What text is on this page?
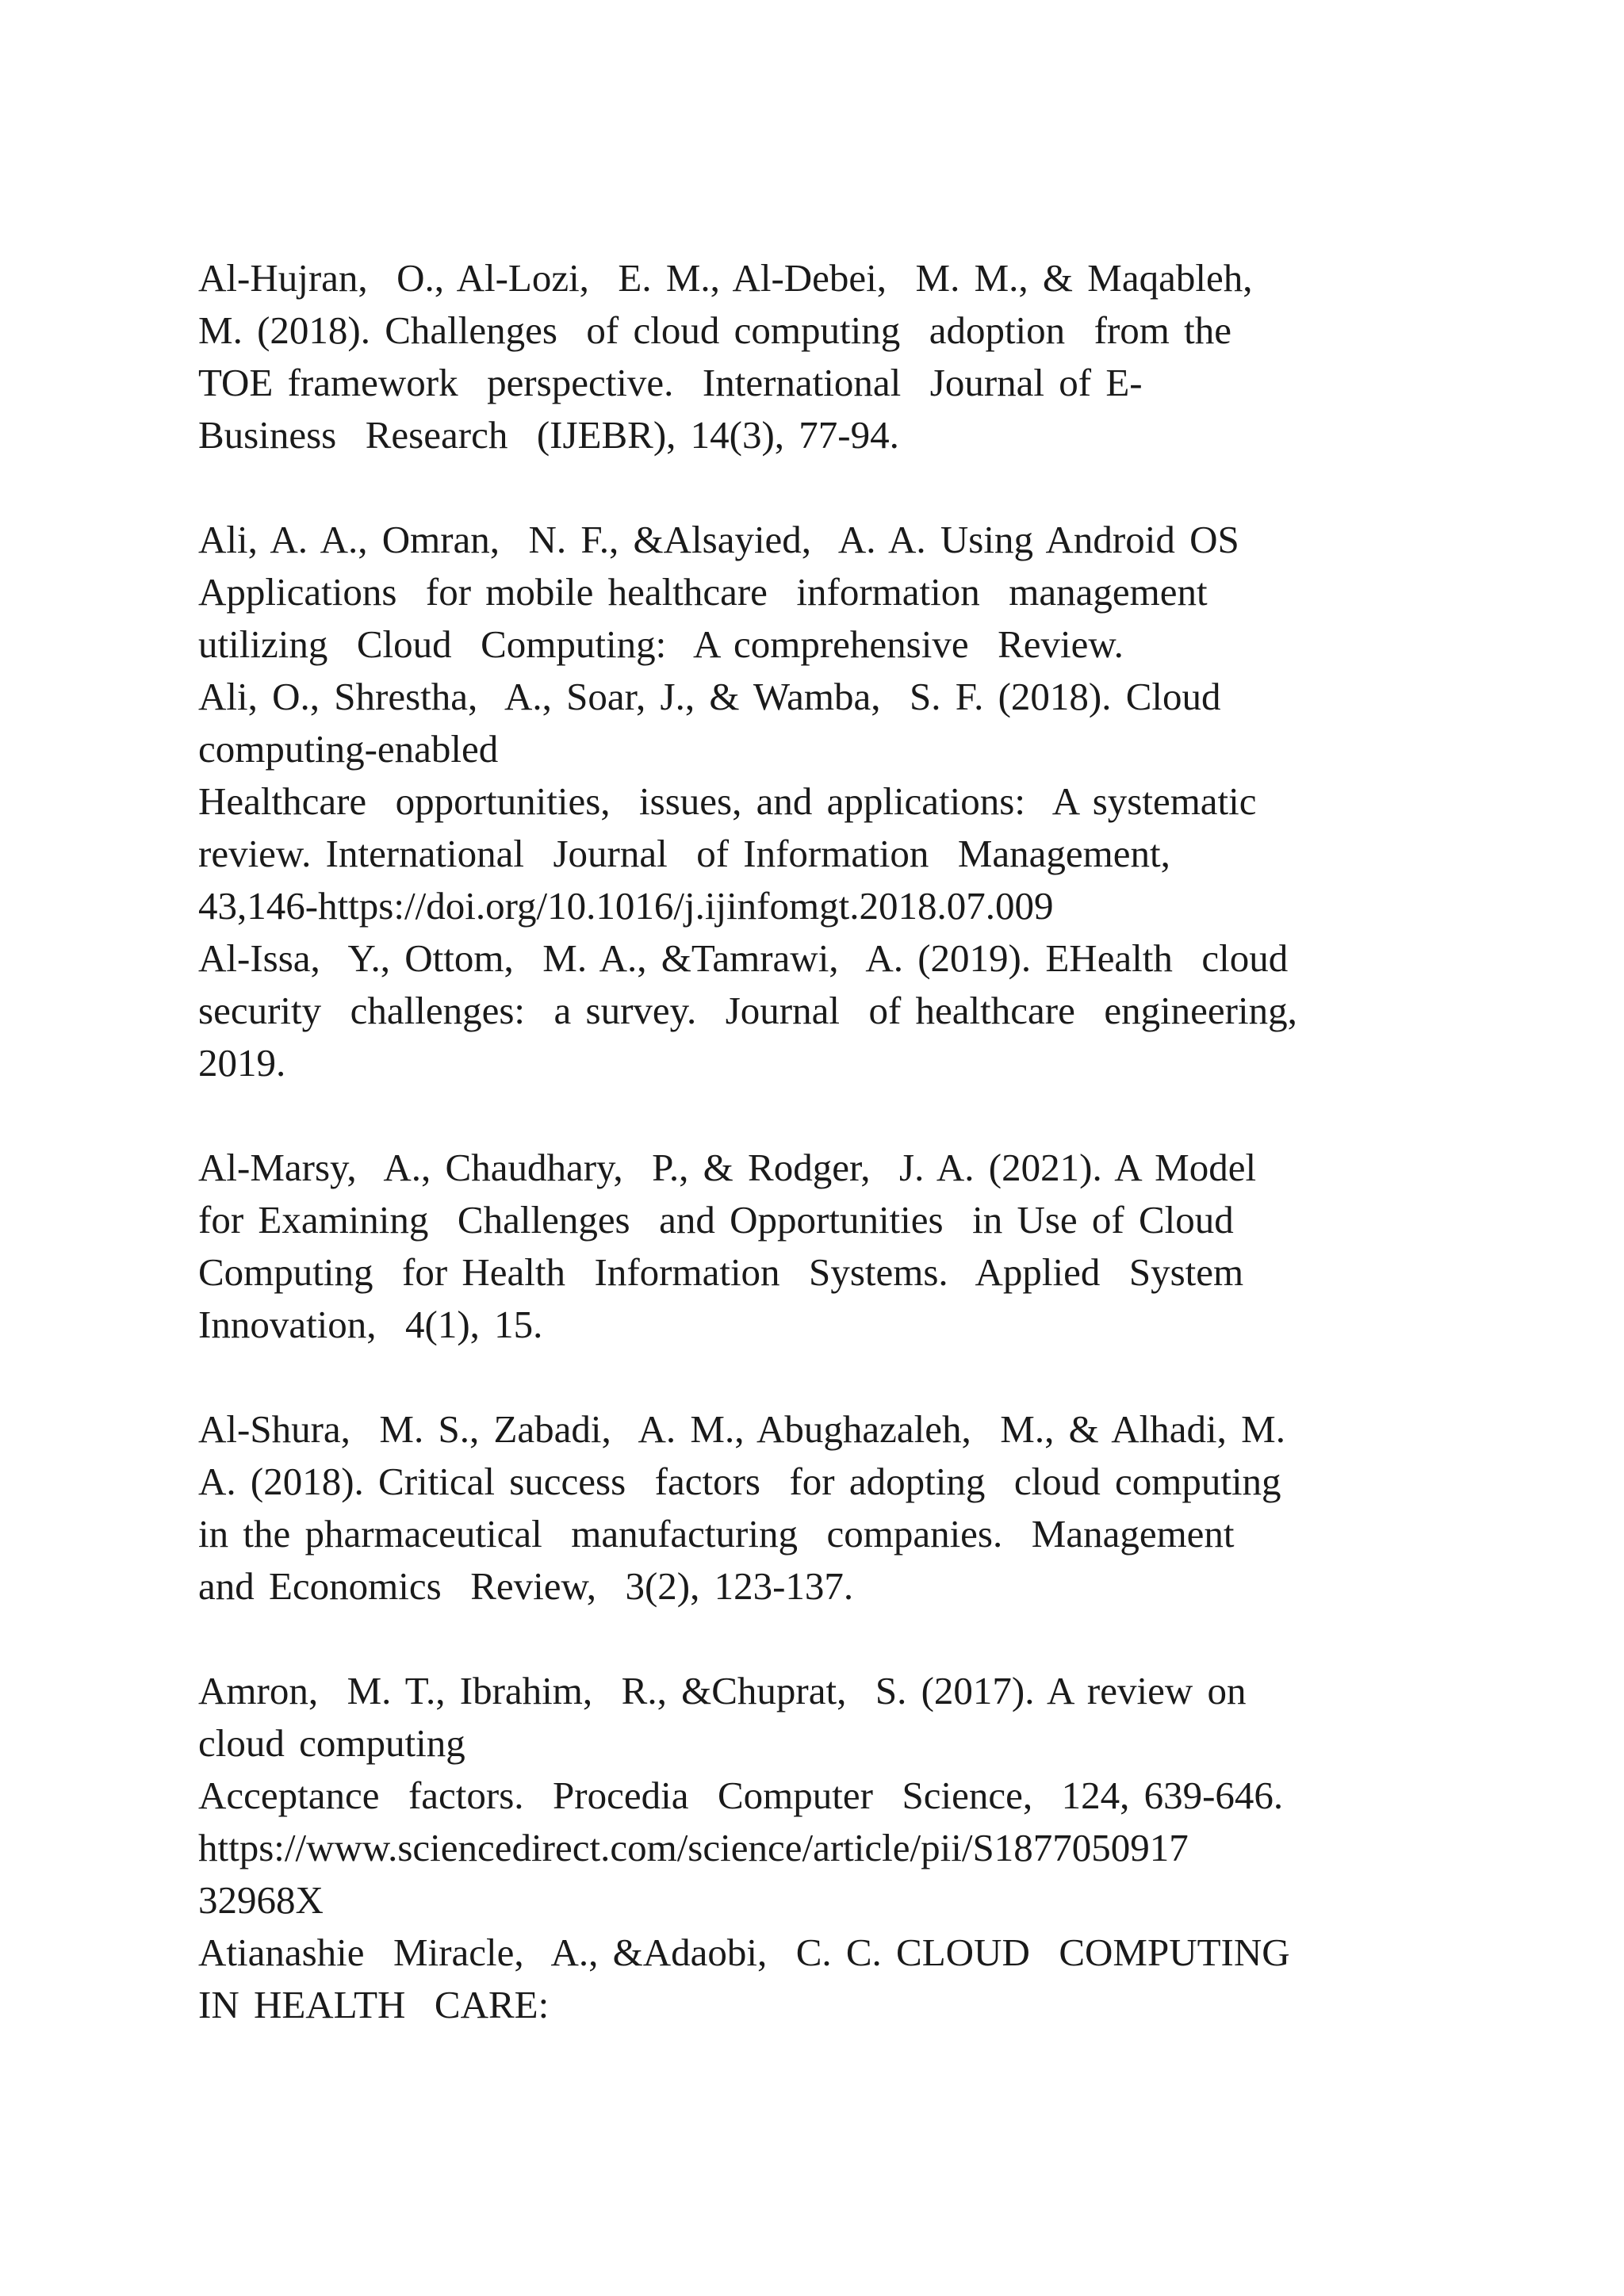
Al-Hujran,  O., Al-Lozi,  E. M., Al-Debei,  M. M., & Maqableh,
M. (2018). Challenges  of cloud computing  adoption  from the
TOE framework  perspective.  International  Journal of E-
Business  Research  (IJEBR), 14(3), 77-94.
Ali, A. A., Omran,  N. F., &Alsayied,  A. A. Using Android OS
Applications  for mobile healthcare  information  management
utilizing  Cloud  Computing:  A comprehensive  Review.
Ali, O., Shrestha,  A., Soar, J., & Wamba,  S. F. (2018). Cloud
computing-enabled
Healthcare  opportunities,  issues, and applications:  A systematic
review. International  Journal  of Information  Management,
43,146-https://doi.org/10.1016/j.ijinfomgt.2018.07.009
Al-Issa,  Y., Ottom,  M. A., &Tamrawi,  A. (2019). EHealth  cloud
security  challenges:  a survey.  Journal  of healthcare  engineering,
2019.
Al-Marsy,  A., Chaudhary,  P., & Rodger,  J. A. (2021). A Model
for Examining  Challenges  and Opportunities  in Use of Cloud
Computing  for Health  Information  Systems.  Applied  System
Innovation,  4(1), 15.
Al-Shura,  M. S., Zabadi,  A. M., Abughazaleh,  M., & Alhadi, M.
A. (2018). Critical success  factors  for adopting  cloud computing
in the pharmaceutical  manufacturing  companies.  Management
and Economics  Review,  3(2), 123-137.
Amron,  M. T., Ibrahim,  R., &Chuprat,  S. (2017). A review on
cloud computing
Acceptance  factors.  Procedia  Computer  Science,  124, 639-646.
https://www.sciencedirect.com/science/article/pii/S1877050917
32968X
Atianashie  Miracle,  A., &Adaobi,  C. C. CLOUD  COMPUTING
IN HEALTH  CARE:
